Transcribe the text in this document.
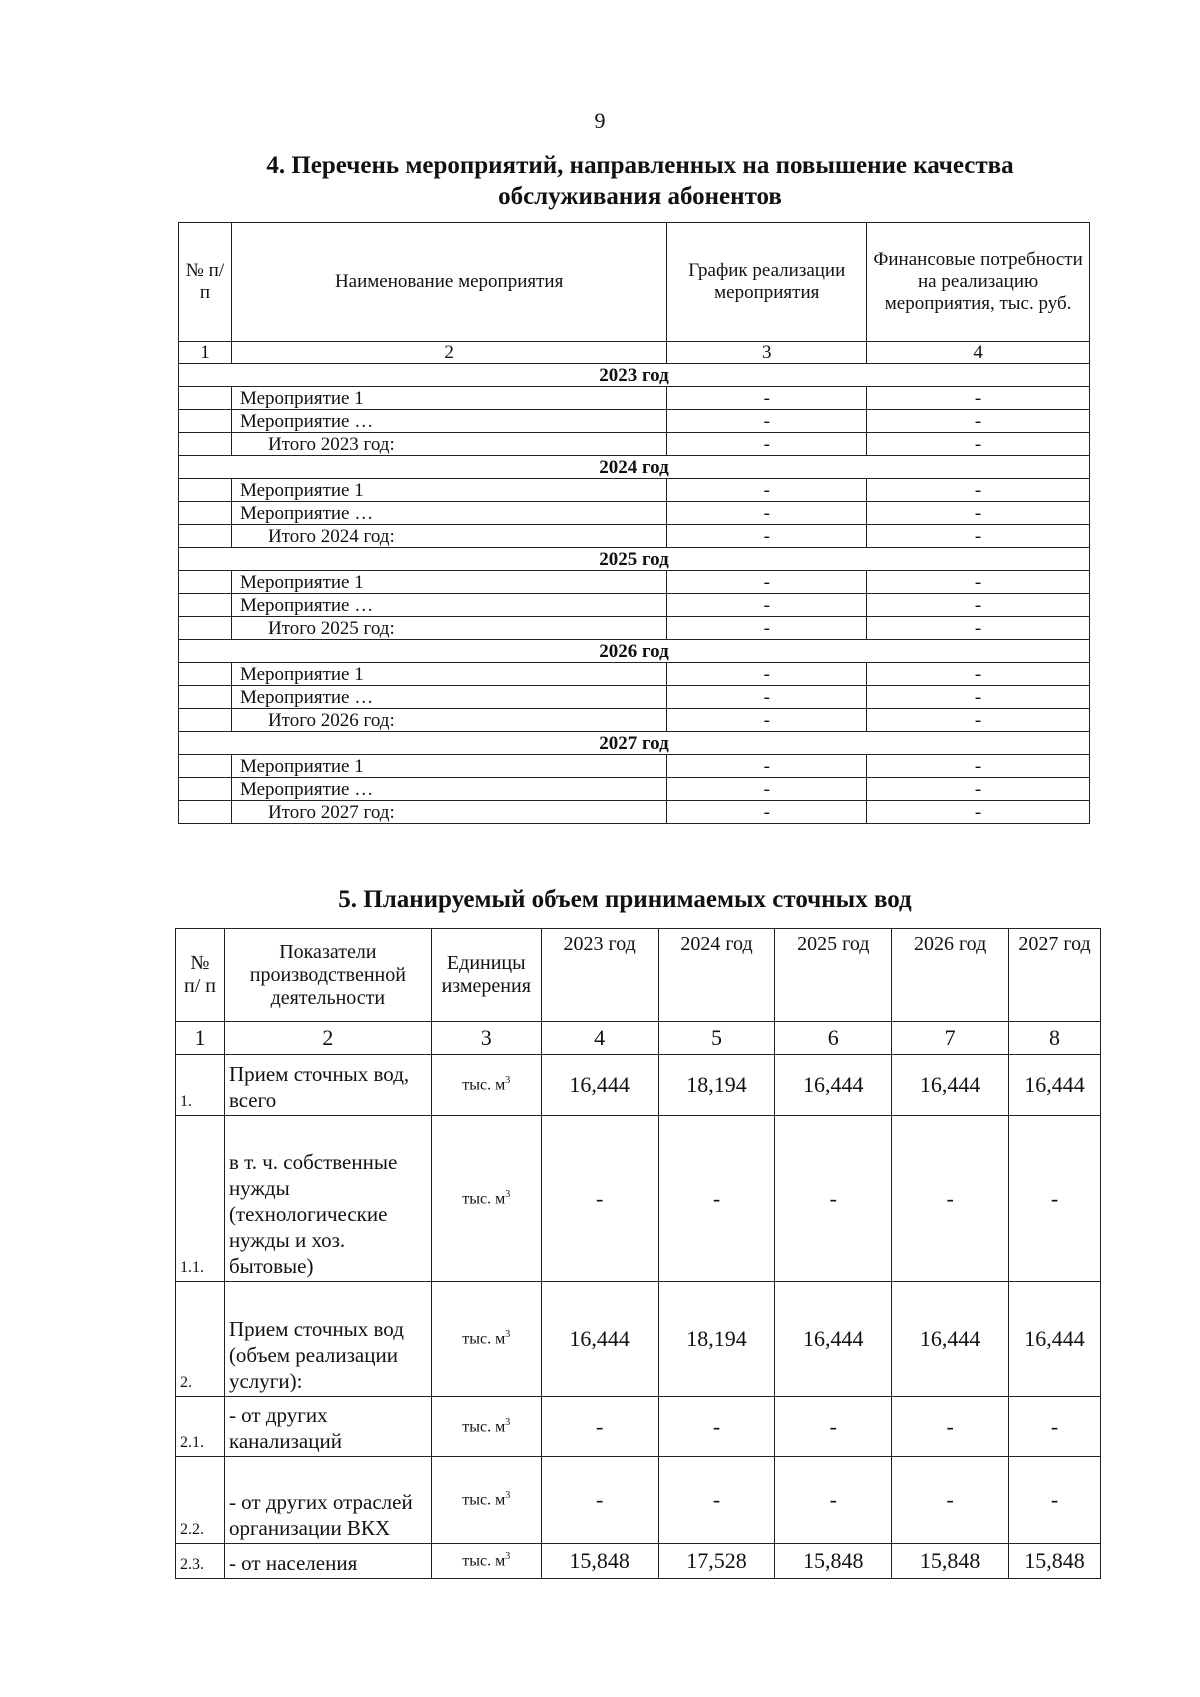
9
4. Перечень мероприятий, направленных на повышение качества обслуживания абонентов
№ п/п	Наименование мероприятия	График реализации мероприятия	Финансовые потребности на реализацию мероприятия, тыс. руб.
1	2	3	4
2023 год			
	Мероприятие 1	-	-
	Мероприятие …	-	-
	Итого 2023 год:	-	-
2024 год			
	Мероприятие 1	-	-
	Мероприятие …	-	-
	Итого 2024 год:	-	-
2025 год			
	Мероприятие 1	-	-
	Мероприятие …	-	-
	Итого 2025 год:	-	-
2026 год			
	Мероприятие 1	-	-
	Мероприятие …	-	-
	Итого 2026 год:	-	-
2027 год			
	Мероприятие 1	-	-
	Мероприятие …	-	-
	Итого 2027 год:	-	-
5. Планируемый объем принимаемых сточных вод
№ п/ п	Показатели производственной деятельности	Единицы измерения	2023 год	2024 год	2025 год	2026 год	2027 год
1	2	3	4	5	6	7	8
1.	Прием сточных вод, всего	тыс. $м^3$	16,444	18,194	16,444	16,444	16,444
1.1.	в т. ч. собственные нужды (технологические нужды и хоз. бытовые)	тыс. $м^3$	-	-	-	-	-
2.	Прием сточных вод (объем реализации услуги):	тыс. $м^3$	16,444	18,194	16,444	16,444	16,444
2.1.	- от других канализаций	тыс. $м^3$	-	-	-	-	-
2.2.	- от других отраслей организации ВКХ	тыс. $м^3$	-	-	-	-	-
2.3.	- от населения	тыс. $м^3$	15,848	17,528	15,848	15,848	15,848
